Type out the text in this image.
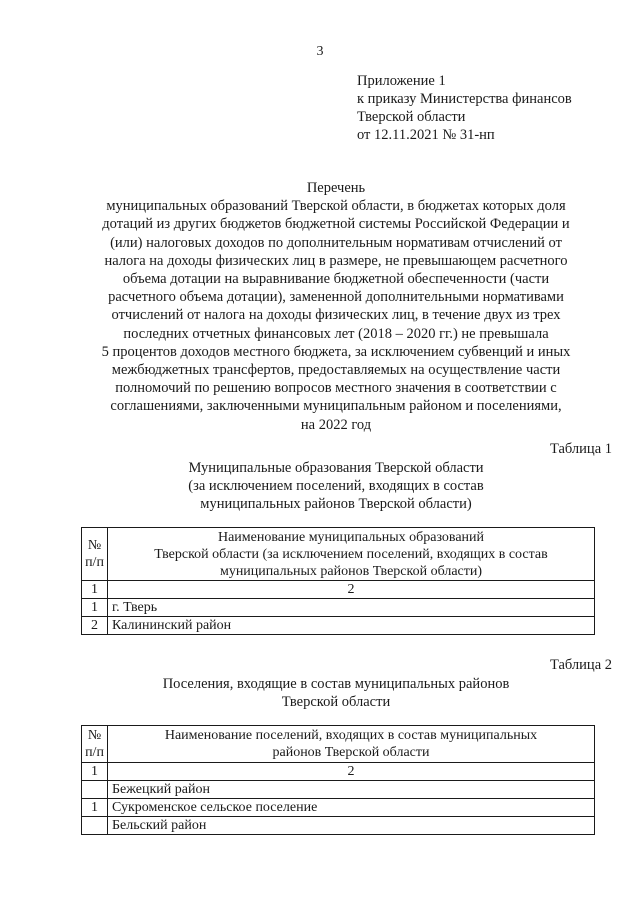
3
Приложение 1
к приказу Министерства финансов
Тверской области
от 12.11.2021 № 31-нп
Перечень
муниципальных образований Тверской области, в бюджетах которых доля
дотаций из других бюджетов бюджетной системы Российской Федерации и
(или) налоговых доходов по дополнительным нормативам отчислений от
налога на доходы физических лиц в размере, не превышающем расчетного
объема дотации на выравнивание бюджетной обеспеченности (части
расчетного объема дотации), замененной дополнительными нормативами
отчислений от налога на доходы физических лиц, в течение двух из трех
последних отчетных финансовых лет (2018 – 2020 гг.) не превышала
5 процентов доходов местного бюджета, за исключением субвенций и иных
межбюджетных трансфертов, предоставляемых на осуществление части
полномочий по решению вопросов местного значения в соответствии с
соглашениями, заключенными муниципальным районом и поселениями,
на 2022 год
Таблица 1
Муниципальные образования Тверской области
(за исключением поселений, входящих в состав
муниципальных районов Тверской области)
№
п/п	Наименование муниципальных образований
Тверской области (за исключением поселений, входящих в состав
муниципальных районов Тверской области)

1	2
1	г. Тверь
2	Калининский район
Таблица 2
Поселения, входящие в состав муниципальных районов
Тверской области
№
п/п	Наименование поселений, входящих в состав муниципальных
районов Тверской области

1	2
	Бежецкий район
1	Сукроменское сельское поселение
	Бельский район
